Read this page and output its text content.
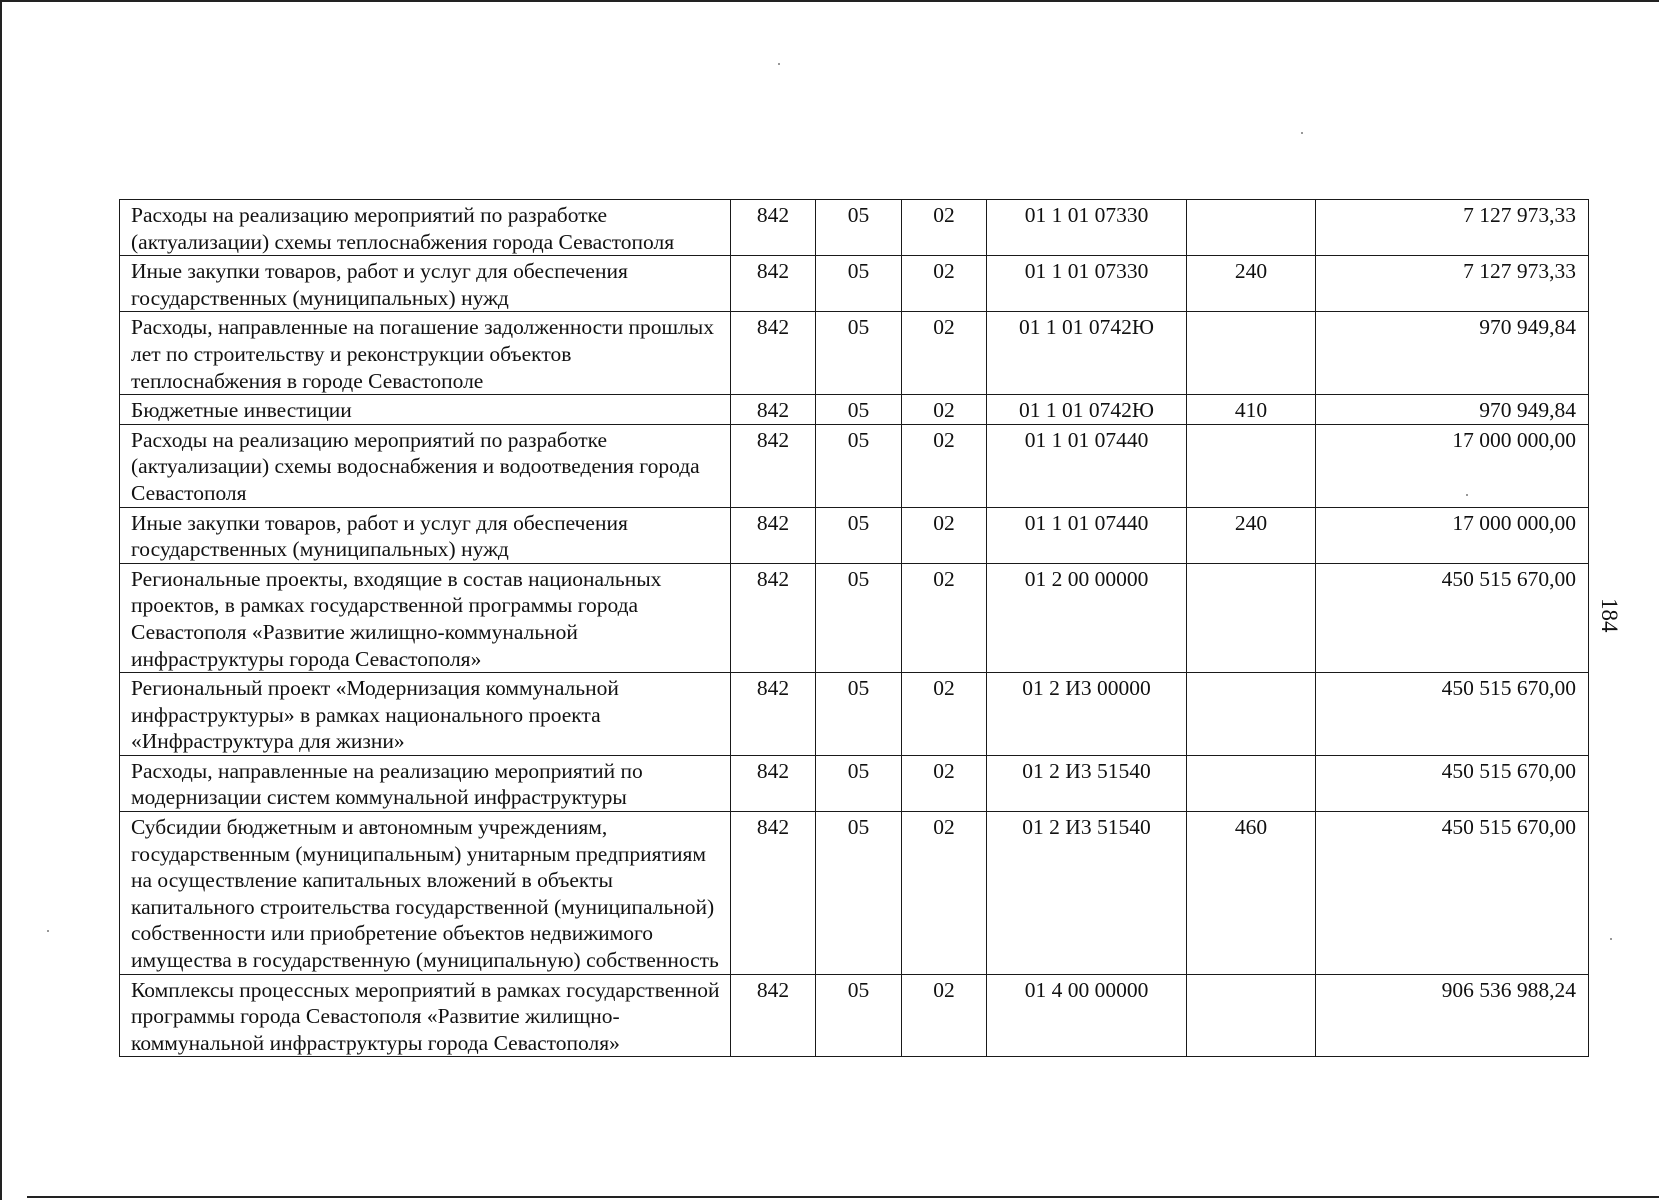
Расходы на реализацию мероприятий по разработке (актуализации) схемы теплоснабжения города Севастополя	842	05	02	01 1 01 07330		7 127 973,33
Иные закупки товаров, работ и услуг для обеспечения государственных (муниципальных) нужд	842	05	02	01 1 01 07330	240	7 127 973,33
Расходы, направленные на погашение задолженности прошлых лет по строительству и реконструкции объектов теплоснабжения в городе Севастополе	842	05	02	01 1 01 0742Ю		970 949,84
Бюджетные инвестиции	842	05	02	01 1 01 0742Ю	410	970 949,84
Расходы на реализацию мероприятий по разработке (актуализации) схемы водоснабжения и водоотведения города Севастополя	842	05	02	01 1 01 07440		17 000 000,00
Иные закупки товаров, работ и услуг для обеспечения государственных (муниципальных) нужд	842	05	02	01 1 01 07440	240	17 000 000,00
Региональные проекты, входящие в состав национальных проектов, в рамках государственной программы города Севастополя «Развитие жилищно-коммунальной инфраструктуры города Севастополя»	842	05	02	01 2 00 00000		450 515 670,00
Региональный проект «Модернизация коммунальной инфраструктуры» в рамках национального проекта «Инфраструктура для жизни»	842	05	02	01 2 И3 00000		450 515 670,00
Расходы, направленные на реализацию мероприятий по модернизации систем коммунальной инфраструктуры	842	05	02	01 2 И3 51540		450 515 670,00
Субсидии бюджетным и автономным учреждениям, государственным (муниципальным) унитарным предприятиям на осуществление капитальных вложений в объекты капитального строительства государственной (муниципальной) собственности или приобретение объектов недвижимого имущества в государственную (муниципальную) собственность	842	05	02	01 2 И3 51540	460	450 515 670,00
Комплексы процессных мероприятий в рамках государственной программы города Севастополя «Развитие жилищно-коммунальной инфраструктуры города Севастополя»	842	05	02	01 4 00 00000		906 536 988,24
184
